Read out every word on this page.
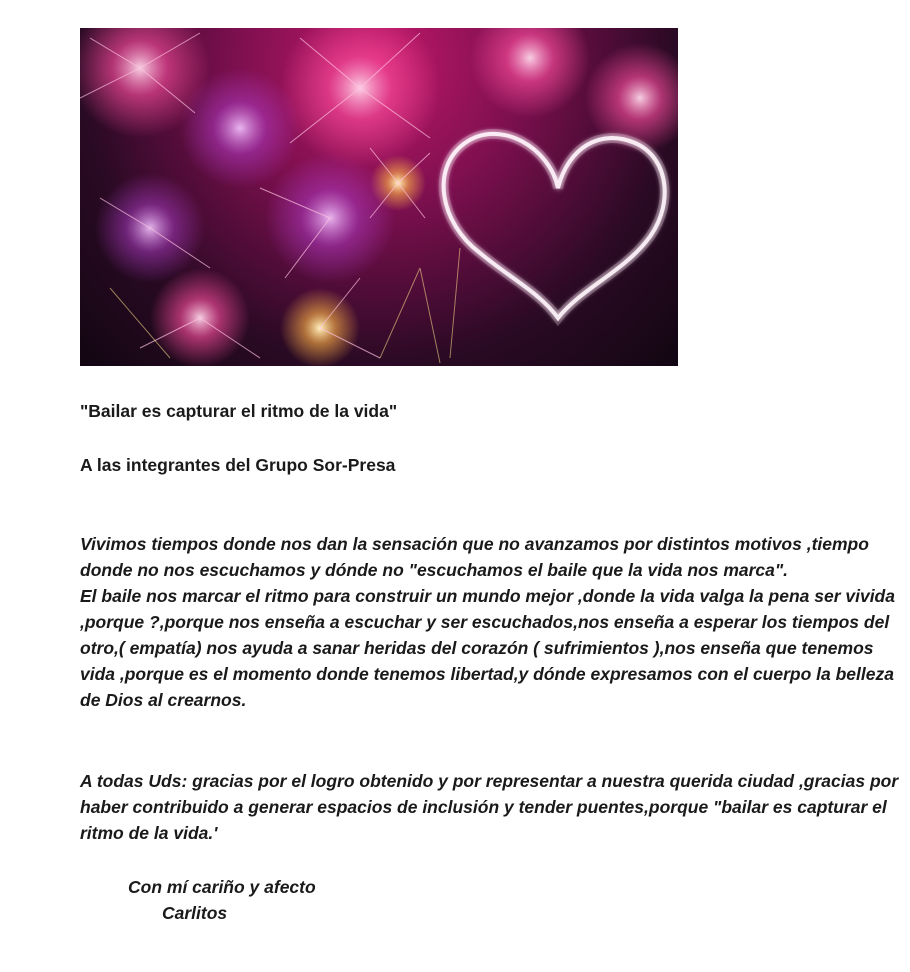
"Bailar es capturar el ritmo de la vida"

A las integrantes del Grupo Sor-Presa

Vivimos tiempos donde nos dan la sensación que no avanzamos por distintos motivos ,tiempo donde no nos escuchamos y dónde no "escuchamos el baile que la vida nos marca".

El baile nos marcar el ritmo para construir un mundo mejor ,donde la vida valga la pena ser vivida ,porque ?,porque nos enseña a escuchar y ser escuchados,nos enseña a esperar los tiempos del otro,( empatía) nos ayuda a sanar heridas del corazón ( sufrimientos ),nos enseña que tenemos vida ,porque es el momento donde tenemos libertad,y dónde expresamos con el cuerpo la belleza de Dios al crearnos.

A todas Uds: gracias por el logro obtenido y por representar a nuestra querida ciudad ,gracias por haber contribuido a generar espacios de inclusión y tender puentes,porque "bailar es capturar el ritmo de la vida.'

Con mí cariño y afecto
Carlitos
